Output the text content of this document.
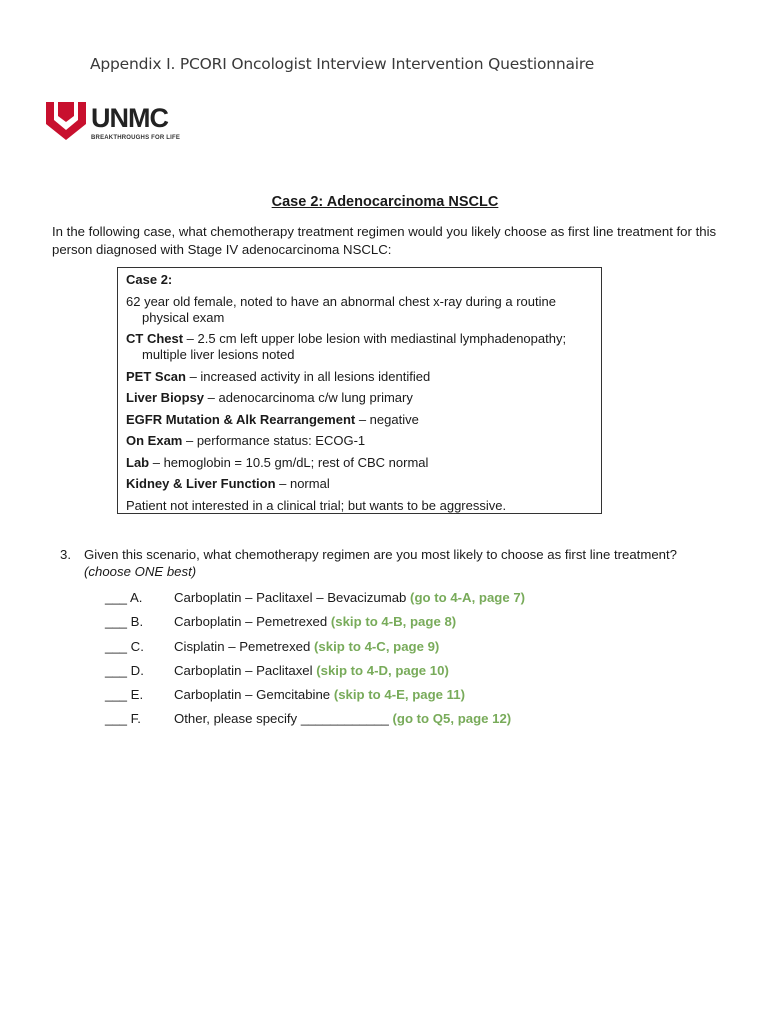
Appendix I. PCORI Oncologist Interview Intervention Questionnaire
UNMC
BREAKTHROUGHS FOR LIFE
Case 2: Adenocarcinoma NSCLC
In the following case, what chemotherapy treatment regimen would you likely choose as first line treatment for this person diagnosed with Stage IV adenocarcinoma NSCLC:
Case 2:
62 year old female, noted to have an abnormal chest x-ray during a routine physical exam
CT Chest – 2.5 cm left upper lobe lesion with mediastinal lymphadenopathy; multiple liver lesions noted
PET Scan – increased activity in all lesions identified
Liver Biopsy – adenocarcinoma c/w lung primary
EGFR Mutation & Alk Rearrangement – negative
On Exam – performance status: ECOG-1
Lab – hemoglobin = 10.5 gm/dL; rest of CBC normal
Kidney & Liver Function – normal
Patient not interested in a clinical trial; but wants to be aggressive.
3. Given this scenario, what chemotherapy regimen are you most likely to choose as first line treatment?
(choose ONE best)
___ A. Carboplatin – Paclitaxel – Bevacizumab (go to 4-A, page 7)
___ B. Carboplatin – Pemetrexed (skip to 4-B, page 8)
___ C. Cisplatin – Pemetrexed (skip to 4-C, page 9)
___ D. Carboplatin – Paclitaxel (skip to 4-D, page 10)
___ E. Carboplatin – Gemcitabine (skip to 4-E, page 11)
___ F.	Other, please specify ____________ (go to Q5, page 12)
